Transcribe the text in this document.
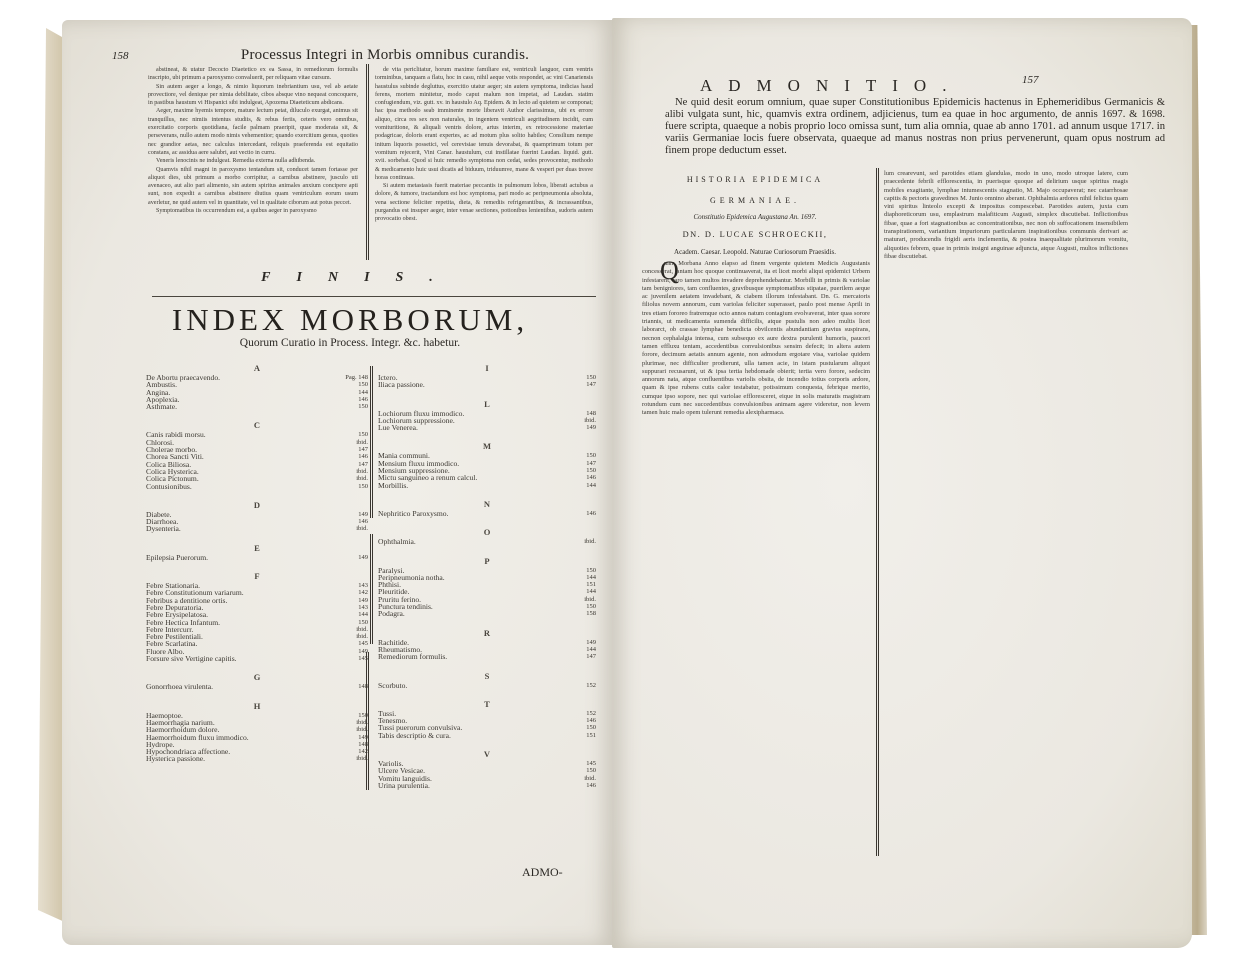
158	Processus Integri in Morbis omnibus curandis.

abstineat, & utatur Decocto Diaetetico ex ea Sassa, in remediorum formulis inscripto, ubi primum a paroxysmo convaluerit, per reliquam vitae cursum.

Sin autem aeger a longo, & nimio liquorum inebriantium usu, vel ab aetate provectiore, vel denique per nimia debilitate, cibos absque vino nequeat concoquere, in pastibus haustum vi Hispanici sibi indulgeat, Apozema Diaeteticum abdicans.

Aeger, maxime hyemis tempore, mature lectum petat, diluculo exurgat, animus sit tranquillus, nec nimiis intentus studiis, & rebus feriis, ceteris vero omnibus, exercitatio corporis quotidiana, facile palmam praeripit, quae moderata sit, & perseverans, nullo autem modo nimis vehementior; quando exercitium genus, quoties nec grandior aetas, nec calculus intercedant, reliquis praeferenda est equitatio constans, ac assidua aere salubri, aut vectio in curru.

Veneris lenocinis ne indulgeat. Remedia externa nulla adhibenda.

Quamvis nihil magni in paroxysmo tentandum sit, conducet tamen fortasse per aliquot dies, ubi primum a morbo corripitur, a carnibus abstinere, jusculo uti avenaceo, aut alio pari alimento, sin autem spiritus animales anxium concipere apti sunt, non expedit a carnibus abstinere diutius quam ventriculum eorum usum averletur, ne quid autem vel in quantitate, vel in qualitate ciborum aut potus peccet.

Symptomatibus iis occurrendum est, a quibus aeger in paroxysmo

de vita periclitatur, horum maxime familiare est, ventriculi languor, cum ventris torminibus, tanquam a flatu, hoc in casu, nihil aeque votis respondet, ac vini Canariensis haustulus subinde degluttus, exercitio utatur aeger; sin autem symptoma, indicias haud ferens, mortem minitetur, modo caput malum non impetat, ad Laudan. statim confugiendum, viz. gutt. xv. in haustulo Aq. Epidem. & in lecto ad quietem se componat; hac ipsa methodo seab imminente morte liberavit Author clarissimus, ubi ex errore aliquo, circa res sex non naturales, in ingentem ventriculi aegritudinem incidit, cum vomituritione, & aliquali ventris dolore, artus interim, ex retrocessione materiae podagricae, doloris erant expertes, ac ad motum plus solito habiles; Consilium nempe initum liquoris possetici, vel cerevisiae tenuis devorabat, & quamprimum totum per vomitum rejecerit, Vini Canar. haustulum, cui instillatae fuerint Laudan. liquid. gutt. xvii. sorbebat. Quod si huic remedio symptoma non cedat, sedes provocentur, methodo & medicamento huic usui dicatis ad biduum, triduumve, mane & vesperi per duas tresve horas continuas.

Si autem metastasis fuerit materiae peccantis in pulmonum lobos, liberati actubus a dolore, & tumore, tractandum est hoc symptoma, pari modo ac peripneumonia absoluta, vena sectione feliciter repetita, dieta, & remediis refrigerantibus, & incrassantibus, purgandus est insuper aeger, inter venae sectiones, potionibus lenientibus, sudoris autem provocatio obest.

FINIS.
INDEX MORBORUM,
Quorum Curatio in Process. Integr. &c. habetur.
A
De Abortu praecavendo.	Pag. 148
Ambustis.	150
Angina.	144
Apoplexia.	146
Asthmate.	150
C
Canis rabidi morsu.	150
Chlorosi.	ibid.
Cholerae morbo.	147
Chorea Sancti Viti.	146
Colica Biliosa.	147
Colica Hysterica.	ibid.
Colica Pictonum.	ibid.
Contusionibus.	150
D
Diabete.	149
Diarrhoea.	146
Dysenteria.	ibid.
E
Epilepsia Puerorum.	149
F
Febre Stationaria.	143
Febre Constitutionum variarum.	142
Febribus a dentitione ortis.	149
Febre Depuratoria.	143
Febre Erysipelatosa.	144
Febre Hectica Infantum.	150
Febre Intercurr.	ibid.
Febre Pestilentiali.	ibid.
Febre Scarlatina.	145
Fluore Albo.	149
Forsure sive Vertigine capitis.	145
G
Gonorrhoea virulenta.	148
H
Haemoptoe.	150
Haemorrhagia narium.	ibid.
Haemorrhoidum dolore.	ibid.
Haemorrhoidum fluxu immodico.	149
Hydrope.	148
Hypochondriaca affectione.	142
Hysterica passione.	ibid.
I
Ictero.	150
Iliaca passione.	147
L
Lochiorum fluxu immodico.	148
Lochiorum suppressione.	ibid.
Lue Venerea.	149
M
Mania communi.	150
Mensium fluxu immodico.	147
Mensium suppressione.	150
Mictu sanguineo a renum calcul.	146
Morbillis.	144
N
Nephritico Paroxysmo.	146
O
Ophthalmia.	ibid.
P
Paralysi.	150
Peripneumonia notha.	144
Phthisi.	151
Pleuritide.	144
Pruritu ferino.	ibid.
Punctura tendinis.	150
Podagra.	158
R
Rachitide.	149
Rheumatismo.	144
Remediorum formulis.	147
S
Scorbuto.	152
T
Tussi.	152
Tenesmo.	146
Tussi puerorum convulsiva.	150
Tabis descriptio & cura.	151
V
Variolis.	145
Ulcere Vesicae.	150
Vomitu languidis.	ibid.
Urina purulentia.	146
ADMO-
ADMONITIO.	157

Ne quid desit eorum omnium, quae super Constitutionibus Epidemicis hactenus in Ephemeridibus Germanicis & alibi vulgata sunt, hic, quamvis extra ordinem, adjicienus, tum ea quae in hoc argumento, de annis 1697. & 1698. fuere scripta, quaeque a nobis proprio loco omissa sunt, tum alia omnia, quae ab anno 1701. ad annum usque 1717. in variis Germaniae locis fuere observata, quaeque ad manus nostras non prius pervenerunt, quam opus nostrum ad finem prope deductum esset.

HISTORIA EPIDEMICA
GERMANIAE.
Constitutio Epidemica Augustana An. 1697.
DN. D. LUCAE SCHROECKII,
Academ. Caesar. Leopold. Naturae Curiosorum Praesidis.
Q
uam Morbana Anno elapso ad finem vergente quietem Medicis Augustanis concesserat, tantam hoc quoque continuaverat, ita et licet morbi aliqui epidemici Urbem infestarent, raro tamen multos invadere deprehendebantur. Morbilli in primis & variolae tam benigniores, tam confluentes, gravibusque symptomatibus stipatae, puerilem aeque ac juvenilem aetatem invadebant, & ciabem illorum infestabant. Dn. G. mercatoris filiolus novem annorum, cum variolas feliciter superasset, paulo post mense Aprili in tres etiam fororeo fratremque octo annos natum contagium evolvaverat, inter quas sorore triannis, ut medicamenta sumenda difficilis, atque pustulis non adeo multis licet laborarct, ob crassae lymphae benedicta obvilcentis abundantiam gravius suspirans, necnon cephalalgia intensa, cum subsequo ex aure dextra purulenti humoris, paucori tamen effluxu tentam, accedentibus convulsionibus sensim defecit; in altera autem forore, decimum aetatis annum agente, non admodum ergotare visa, variolae quidem plurimae, nec difficulter prodierunt, ulla tamen acie, in istam pustularum aliquot suppurari recusarunt, ut & ipsa tertia hebdomade obierit; tertia vero forore, sedecim annorum nata, atque confluentibus variolis obsita, de incendio totius corporis ardore, quam & ipse rubens cutis calor testabatur, potissimum conquesta, febrique merito, cumque ipso sopore, nec qui variolae effloresceret, eique in solis maturatis magistram rotundum cum nec succedentibus convulsionibus animam agere videretur, non levem tamen huic malo opem tulerunt remedia alexipharmaca.
lum crearevunt, sed parotides etiam glandulas, modo in uno, modo utroque latere, cum praecedente febrili efflorescentia, in puerisque quoque ad delirium usque spiritus magis mobiles exagitante, lymphae intumescentis stagnatio, M. Majo occupaverat; nec catarrhosae capitis & pectoris gravedines M. Junio omnino aberant. Ophthalmia ardores nihil felicius quam vini spiritus linteolo excepti & impositus compescebat. Parotides autem, juxta cum diaphoreticorum usu, emplastrum malafiticum Augusti, simplex discutiebat. Inflictionibus fibae, quae a fori stagnationibus ac concentrationibus, nec non ob suffocationem insensibilem transpirationem, variantium impuriorum particularum inspirationibus communis derivari ac maturari, producendis frigidi aeris inclementia, & postea inaequalitate plurimorum vomitu, aliquoties febrem, quae in primis insigni anguinae adjuncta, atque Augusti, multos inflictiones fibae discutiebat.
